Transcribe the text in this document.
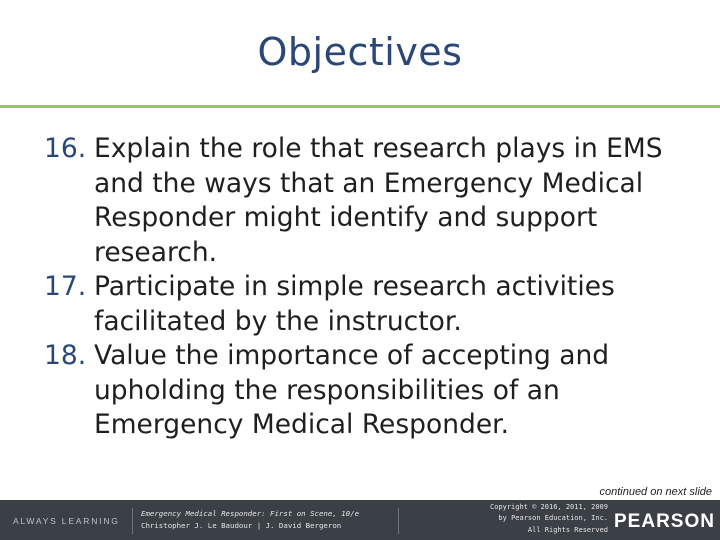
Objectives
16. Explain the role that research plays in EMS and the ways that an Emergency Medical Responder might identify and support research.
17. Participate in simple research activities facilitated by the instructor.
18. Value the importance of accepting and upholding the responsibilities of an Emergency Medical Responder.
continued on next slide
ALWAYS LEARNING
Emergency Medical Responder: First on Scene, 10/e
Christopher J. Le Baudour | J. David Bergeron
Copyright © 2016, 2011, 2009
by Pearson Education, Inc.
All Rights Reserved PEARSON
